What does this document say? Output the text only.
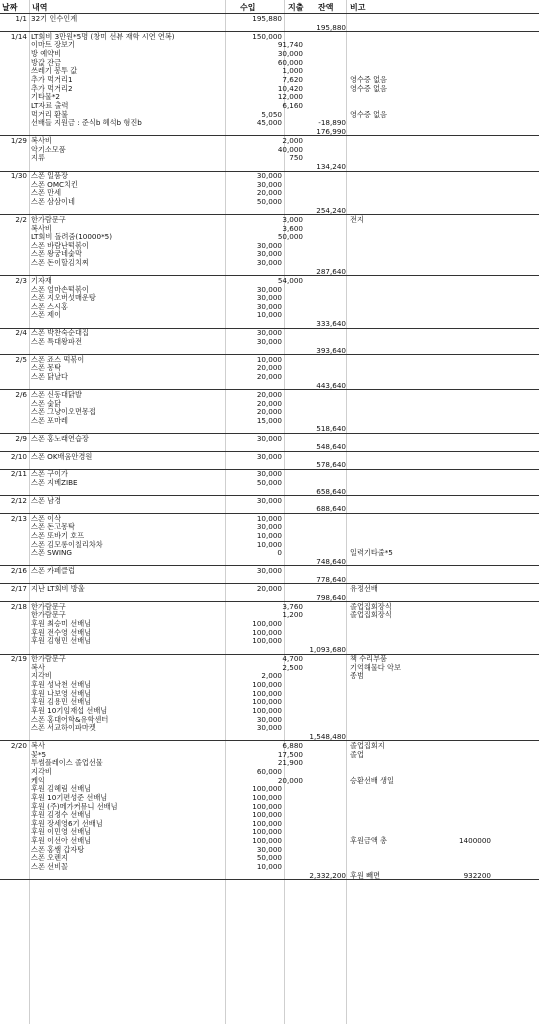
날짜 내역	수입	지출 잔액 비고
1/1 32기 인수인계	195,880
195,880
1/14 LT회비 3만원*5명 (창미 선뷰 재학 시연 연복)	150,000
이마트 장보기	91,740
방 예약비	30,000
방값 잔금	60,000
쓰레기 봉투 값	1,000
추가 먹거리1	7,620	영수증 없음
추가 먹거리2	10,420	영수증 없음
기타물*2	12,000
LT자료 출력	6,160
먹거리 환불	5,050	영수증 없음
선배들 지원금 : 준식b 혜석b 형진b	45,000	-18,890
176,990
1/29 복사비	2,000
악기소모품	40,000
지류	750
134,240
1/30 스폰 일품장	30,000
스폰 OMC치킨	30,000
스폰 만세	20,000
스폰 삼삼이네	50,000
254,240
2/2 한가람문구	3,000	전지
복사비	3,600
LT회비 돌려줌(10000*5)	50,000
스폰 바람난떡볶이	30,000
스폰 왕궁네숯막	30,000
스폰 돈이할김치찌	30,000
287,640
2/3 기자재	54,000
스폰 엄마손떡볶이	30,000
스폰 지오버섯매운탕	30,000
스폰 스시홍	30,000
스폰 제이	10,000
333,640
2/4 스폰 박찬숙순대집	30,000
스폰 특대왕파전	30,000
393,640
2/5 스폰 죠스 떡볶이	10,000
스폰 몽탁	20,000
스폰 닭날다	20,000
443,640
2/6 스폰 신동대닭발	20,000
스폰 숯닭	20,000
스폰 그냥이오면몽접	20,000
스폰 포마레	15,000
518,640
2/9 스폰 홍노래연습장	30,000
548,640
2/10 스폰 OK배움안경원	30,000
578,640
2/11 스폰 구이가	30,000
스폰 지베ZIBE	50,000
658,640
2/12 스폰 남경	30,000
688,640
2/13 스폰 이삭	10,000
스폰 돈고몽탁	30,000
스폰 또바기 호프	10,000
스폰 김모롱이칠리차차	10,000
스폰 SWING	0	일력기타줄*5
748,640
2/16 스폰 카페클럽	30,000
778,640
2/17 지난 LT회비 방울	20,000	유정선배
798,640
2/18 한가람문구	3,760	졸업집회장식
한가람문구	1,200	졸업집회장식
후원 최승미 선배님	100,000
후원 전수영 선배님	100,000
후원 김형민 선배님	100,000
1,093,680
2/19 한가람문구	4,700	책 수리부품
복사	2,500	기억해물다 악보
지각비	2,000	종범
후원 성낙천 선배님	100,000
후원 나보영 선배님	100,000
후원 김용민 선배님	100,000
후원 10기임재섭 선배님	100,000
스폰 홍대어학&유학센터	30,000
스폰 서교하이파마켓	30,000
1,548,480
2/20 복사	6,880	졸업집회지
꽃*5	17,500	졸업
투썸플레이스 졸업선물	21,900
지각비	60,000
케익	20,000	승환선배 생일
후원 김혜림 선배님	100,000
후원 10기편성준 선배님	100,000
후원 (주)메가커뮤니 선배님	100,000
후원 김정수 선배님	100,000
후원 장세영6기 선배님	100,000
후원 이민영 선배님	100,000
후원 이선아 선배님	100,000	후원금액 총	1400000
스폰 홍쌤 갑자탕	30,000
스폰 오렌지	50,000
스폰 선비꼴	10,000
2,332,200 후원 빼면	932200
